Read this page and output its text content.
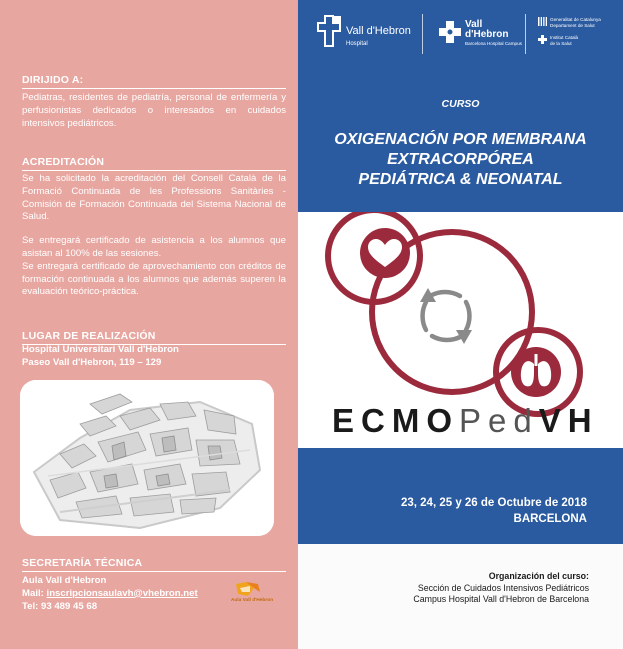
DIRIJIDO A:
Pediatras, residentes de pediatría, personal de enfermería y perfusionistas dedicados o interesados en cuidados intensivos pediátricos.
ACREDITACIÓN

Se ha solicitado la acreditación del Consell Català de la Formació Continuada de les Professions Sanitàries - Comisión de Formación Continuada del Sistema Nacional de Salud.

Se entregará certificado de asistencia a los alumnos que asistan al 100% de las sesiones.

Se entregará certificado de aprovechamiento con créditos de formación continuada a los alumnos que además superen la evaluación teórico-práctica.

LUGAR DE REALIZACIÓN
Hospital Universitari Vall d'Hebron
Paseo Vall d'Hebron, 119 – 129
SECRETARÍA TÉCNICA
Aula Vall d'Hebron
Mail: inscripcionsaulavh@vhebron.net
Tel: 93 489 45 68
Aula Vall d'Hebron
Vall d'Hebron
Hospital
Vall
d'Hebron
Barcelona Hospital Campus
Generalitat de Catalunya
Departament de Salut
Institut Català
de la Salut
CURSO
OXIGENACIÓN POR MEMBRANA
EXTRACORPÓREA
PEDIÁTRICA & NEONATAL
ECMOPedVH
23, 24, 25 y 26 de Octubre de 2018
BARCELONA
Organización del curso:
Sección de Cuidados Intensivos Pediátricos
Campus Hospital Vall d'Hebron de Barcelona
